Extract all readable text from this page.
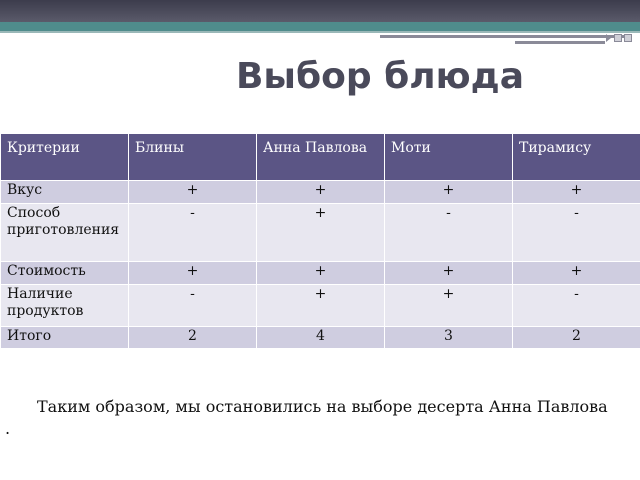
Выбор блюда
Критерии	Блины	Анна Павлова	Моти	Тирамису
Вкус	+	+	+	+
Способ приготовления	-	+	-	-
Стоимость	+	+	+	+
Наличие продуктов	-	+	+	-
Итого	2	4	3	2
Таким образом, мы остановились на выборе десерта Анна Павлова .
